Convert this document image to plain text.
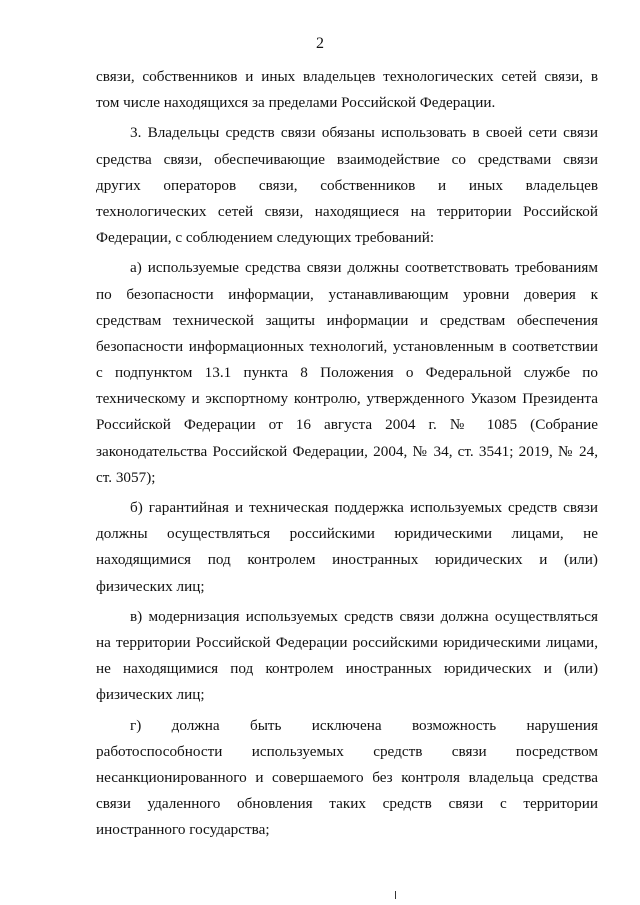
2
связи, собственников и иных владельцев технологических сетей связи, в
том числе находящихся за пределами Российской Федерации.
3. Владельцы средств связи обязаны использовать в своей сети связи
средства связи, обеспечивающие взаимодействие со средствами связи
других операторов связи, собственников и иных владельцев
технологических сетей связи, находящиеся на территории Российской
Федерации, с соблюдением следующих требований:
а) используемые средства связи должны соответствовать требованиям
по безопасности информации, устанавливающим уровни доверия к
средствам технической защиты информации и средствам обеспечения
безопасности информационных технологий, установленным в соответствии
с подпунктом 13.1 пункта 8 Положения о Федеральной службе по
техническому и экспортному контролю, утвержденного Указом Президента
Российской Федерации от 16 августа 2004 г. № 1085 (Собрание
законодательства Российской Федерации, 2004, № 34, ст. 3541; 2019, № 24,
ст. 3057);
б) гарантийная и техническая поддержка используемых средств связи
должны осуществляться российскими юридическими лицами, не
находящимися под контролем иностранных юридических и (или)
физических лиц;
в) модернизация используемых средств связи должна осуществляться
на территории Российской Федерации российскими юридическими лицами,
не находящимися под контролем иностранных юридических и (или)
физических лиц;
г) должна быть исключена возможность нарушения
работоспособности используемых средств связи посредством
несанкционированного и совершаемого без контроля владельца средства
связи удаленного обновления таких средств связи с территории
иностранного государства;
